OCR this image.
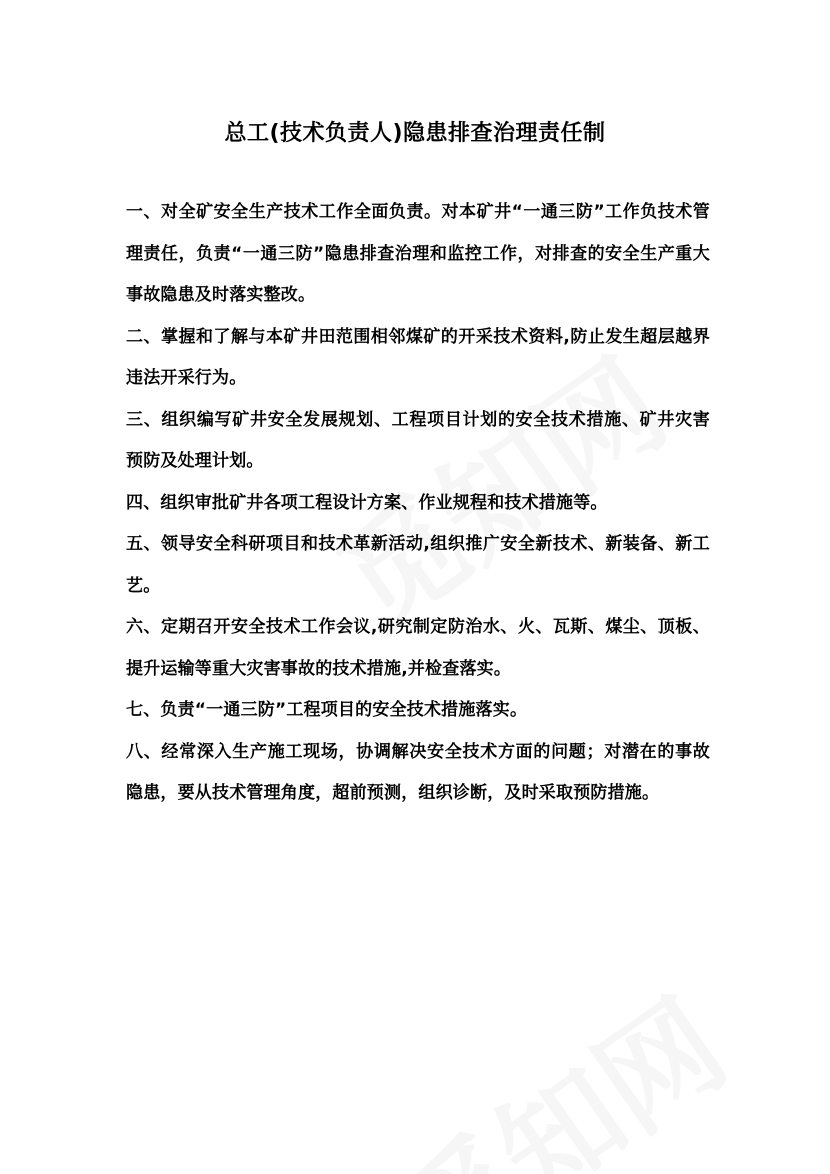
总工(技术负责人)隐患排查治理责任制

一、对全矿安全生产技术工作全面负责。对本矿井“一通三防”工作负技术管理责任，负责“一通三防”隐患排查治理和监控工作，对排查的安全生产重大事故隐患及时落实整改。

二、掌握和了解与本矿井田范围相邻煤矿的开采技术资料,防止发生超层越界违法开采行为。

三、组织编写矿井安全发展规划、工程项目计划的安全技术措施、矿井灾害预防及处理计划。

四、组织审批矿井各项工程设计方案、作业规程和技术措施等。

五、领导安全科研项目和技术革新活动,组织推广安全新技术、新装备、新工艺。

六、定期召开安全技术工作会议,研究制定防治水、火、瓦斯、煤尘、顶板、提升运输等重大灾害事故的技术措施,并检查落实。

七、负责“一通三防”工程项目的安全技术措施落实。

八、经常深入生产施工现场，协调解决安全技术方面的问题；对潜在的事故隐患，要从技术管理角度，超前预测，组织诊断，及时采取预防措施。
